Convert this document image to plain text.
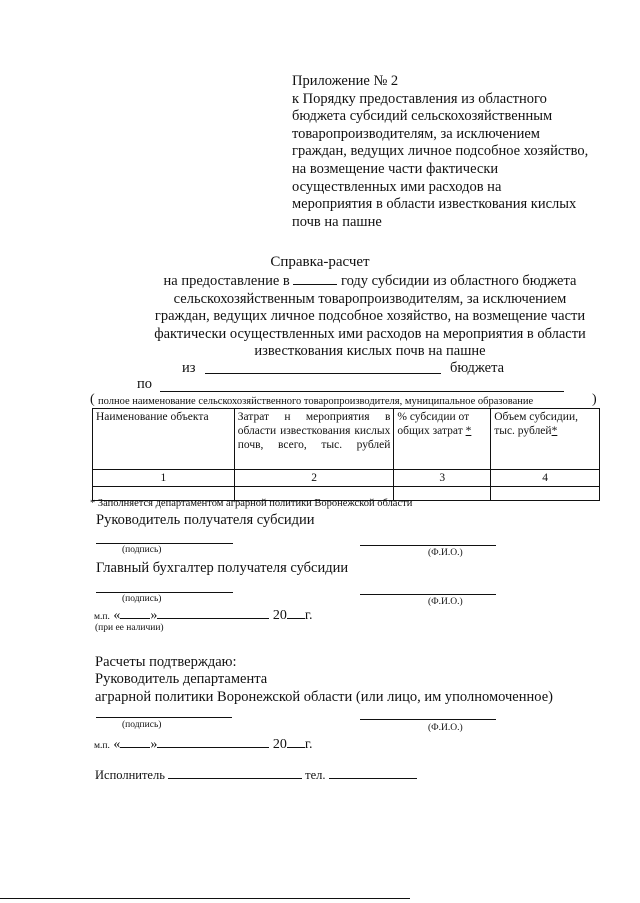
Приложение № 2
к Порядку предоставления из областного
бюджета субсидий сельскохозяйственным
товаропроизводителям, за исключением
граждан, ведущих личное подсобное хозяйство,
на возмещение части фактически
осуществленных ими расходов на
мероприятия в области известкования кислых
почв на пашне
Справка-расчет
на предоставление в	году субсидии из областного бюджета
сельскохозяйственным товаропроизводителям, за исключением
граждан, ведущих личное подсобное хозяйство, на возмещение части
фактически осуществленных ими расходов на мероприятия в области
известкования кислых почв на пашне
из	бюджета
по
( полное наименование сельскохозяйственного товаропроизводителя, муниципальное образование	)
Наименование объекта	Затрат н мероприятия в области известкования кислых почв, всего, тыс. рублей	% субсидии от общих затрат *	Объем субсидии, тыс. рублей*
1	2	3	4

* Заполняется департаментом аграрной политики Воронежской области
Руководитель получателя субсидии
(подпись)	(Ф.И.О.)
Главный бухгалтер получателя субсидии
(подпись)	(Ф.И.О.)
м.п. « »	20 г.
(при ее наличии)
Расчеты подтверждаю:
Руководитель департамента
аграрной политики Воронежской области (или лицо, им уполномоченное)
(подпись)	(Ф.И.О.)
м.п. « »	20 г.
Исполнитель	тел.
